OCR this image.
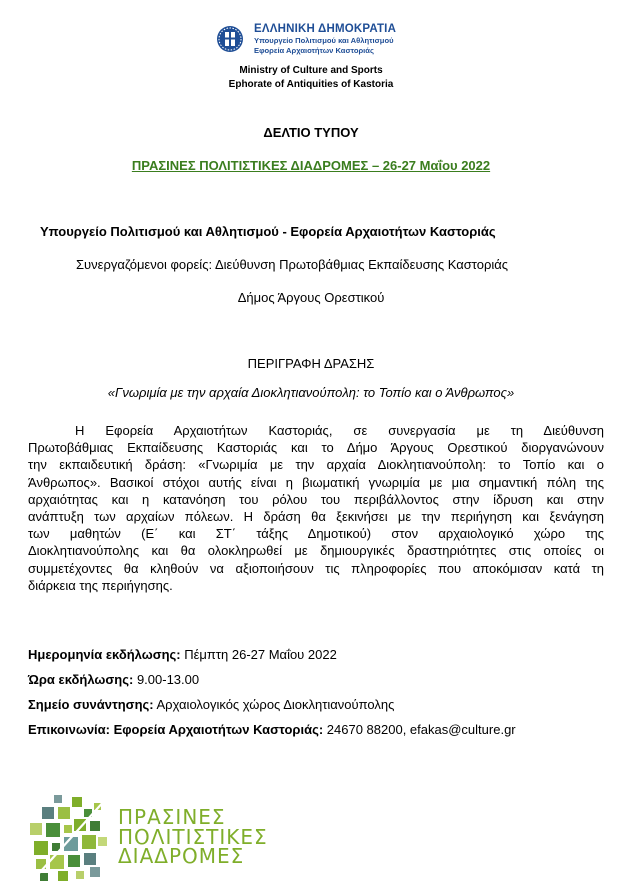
ΕΛΛΗΝΙΚΗ ΔΗΜΟΚΡΑΤΙΑ
Υπουργείο Πολιτισμού και Αθλητισμού
Εφορεία Αρχαιοτήτων Καστοριάς
Ministry of Culture and Sports
Ephorate of Antiquities of Kastoria
ΔΕΛΤΙΟ ΤΥΠΟΥ
ΠΡΑΣΙΝΕΣ ΠΟΛΙΤΙΣΤΙΚΕΣ ΔΙΑΔΡΟΜΕΣ – 26-27 Μαΐου 2022
Υπουργείο Πολιτισμού και Αθλητισμού - Εφορεία Αρχαιοτήτων Καστοριάς
Συνεργαζόμενοι φορείς: Διεύθυνση Πρωτοβάθμιας Εκπαίδευσης Καστοριάς
Δήμος Άργους Ορεστικού
ΠΕΡΙΓΡΑΦΗ ΔΡΑΣΗΣ
«Γνωριμία με την αρχαία Διοκλητιανούπολη: το Τοπίο και ο Άνθρωπος»
Η Εφορεία Αρχαιοτήτων Καστοριάς, σε συνεργασία με τη Διεύθυνση
Πρωτοβάθμιας Εκπαίδευσης Καστοριάς και το Δήμο Άργους Ορεστικού διοργανώνουν
την εκπαιδευτική δράση: «Γνωριμία με την αρχαία Διοκλητιανούπολη: το Τοπίο και ο
Άνθρωπος». Βασικοί στόχοι αυτής είναι η βιωματική γνωριμία με μια σημαντική πόλη της
αρχαιότητας και η κατανόηση του ρόλου του περιβάλλοντος στην ίδρυση και στην
ανάπτυξη των αρχαίων πόλεων. Η δράση θα ξεκινήσει με την περιήγηση και ξενάγηση
των μαθητών (Ε΄ και ΣΤ΄ τάξης Δημοτικού) στον αρχαιολογικό χώρο της
Διοκλητιανούπολης και θα ολοκληρωθεί με δημιουργικές δραστηριότητες στις οποίες οι
συμμετέχοντες θα κληθούν να αξιοποιήσουν τις πληροφορίες που αποκόμισαν κατά τη
διάρκεια της περιήγησης.
Ημερομηνία εκδήλωσης: Πέμπτη 26-27 Μαΐου 2022
Ώρα εκδήλωσης: 9.00-13.00
Σημείο συνάντησης: Αρχαιολογικός χώρος Διοκλητιανούπολης
Επικοινωνία: Εφορεία Αρχαιοτήτων Καστοριάς: 24670 88200, efakas@culture.gr
ΠΡΑΣΙΝΕΣ
ΠΟΛΙΤΙΣΤΙΚΕΣ
ΔΙΑΔΡΟΜΕΣ
